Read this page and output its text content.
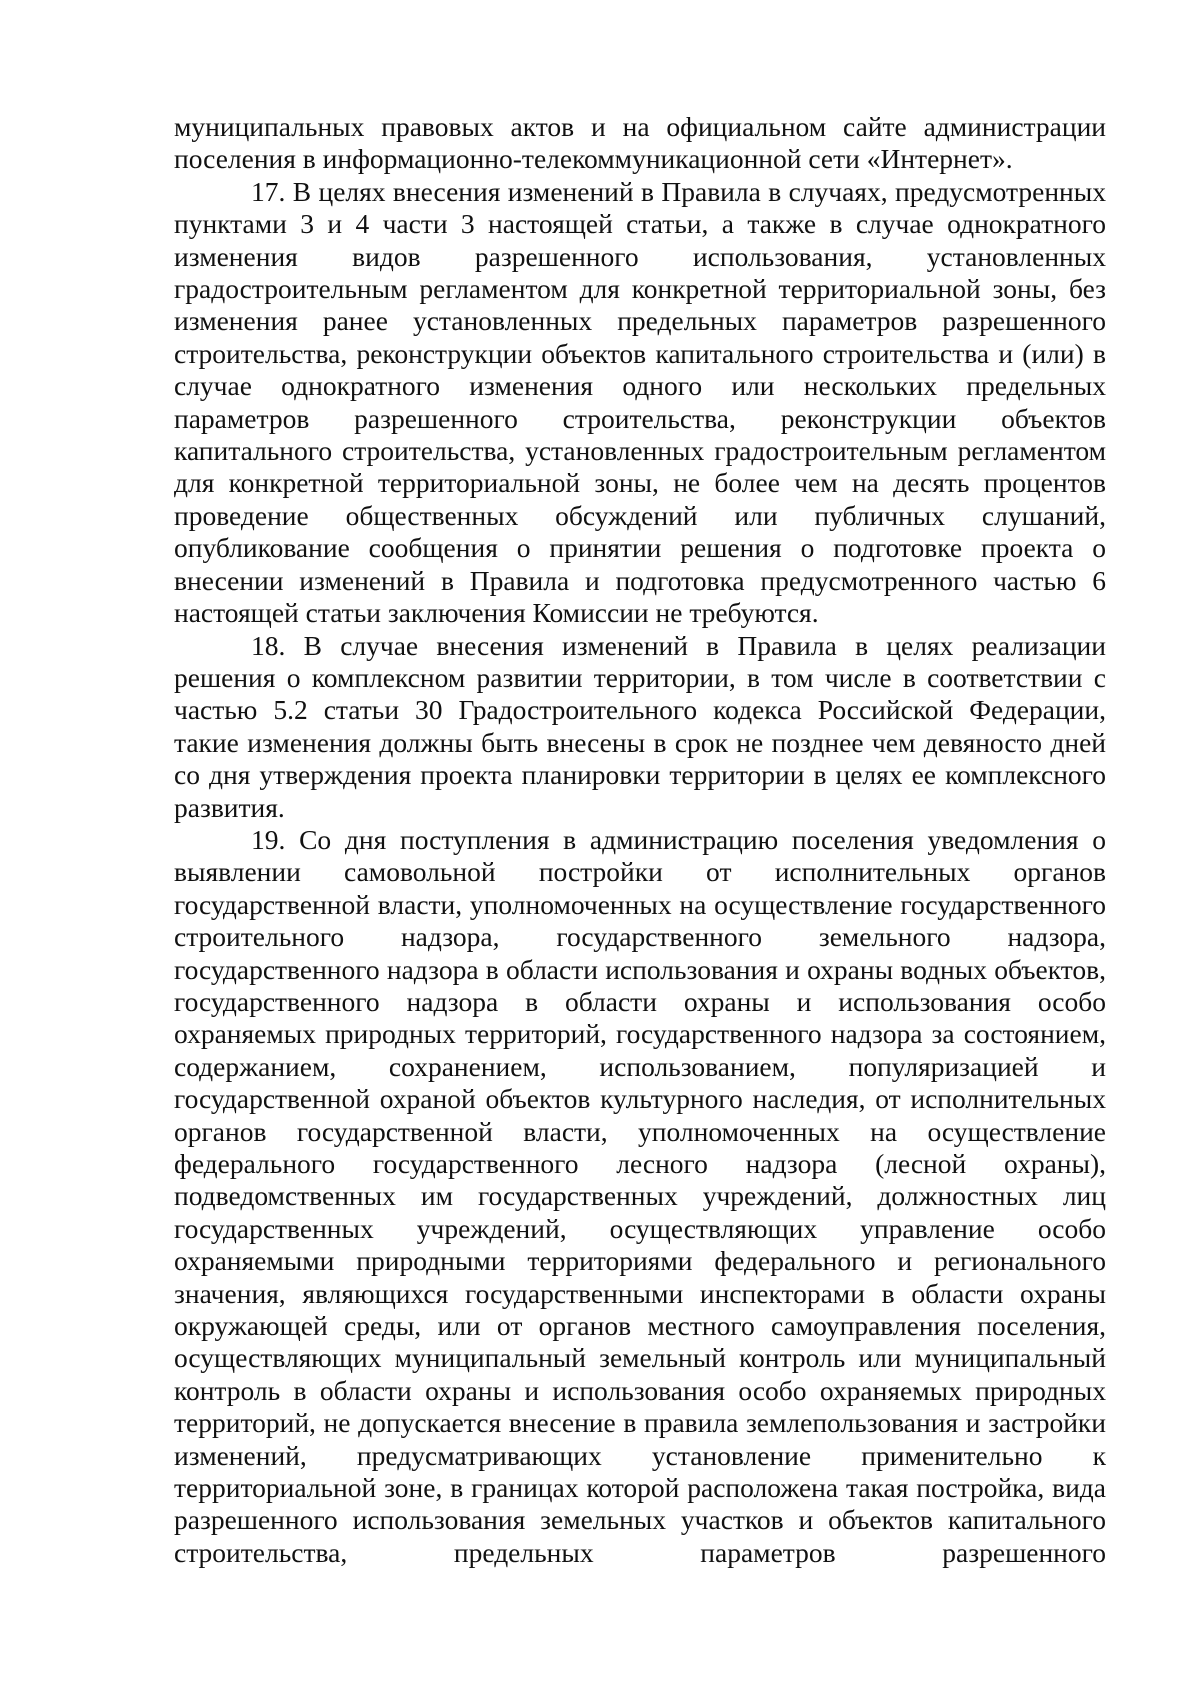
муниципальных правовых актов и на официальном сайте администрации поселения в информационно-телекоммуникационной сети «Интернет».

17. В целях внесения изменений в Правила в случаях, предусмотренных пунктами 3 и 4 части 3 настоящей статьи, а также в случае однократного изменения видов разрешенного использования, установленных градостроительным регламентом для конкретной территориальной зоны, без изменения ранее установленных предельных параметров разрешенного строительства, реконструкции объектов капитального строительства и (или) в случае однократного изменения одного или нескольких предельных параметров разрешенного строительства, реконструкции объектов капитального строительства, установленных градостроительным регламентом для конкретной территориальной зоны, не более чем на десять процентов проведение общественных обсуждений или публичных слушаний, опубликование сообщения о принятии решения о подготовке проекта о внесении изменений в Правила и подготовка предусмотренного частью 6 настоящей статьи заключения Комиссии не требуются.

18. В случае внесения изменений в Правила в целях реализации решения о комплексном развитии территории, в том числе в соответствии с частью 5.2 статьи 30 Градостроительного кодекса Российской Федерации, такие изменения должны быть внесены в срок не позднее чем девяносто дней со дня утверждения проекта планировки территории в целях ее комплексного развития.

19. Со дня поступления в администрацию поселения уведомления о выявлении самовольной постройки от исполнительных органов государственной власти, уполномоченных на осуществление государственного строительного надзора, государственного земельного надзора, государственного надзора в области использования и охраны водных объектов, государственного надзора в области охраны и использования особо охраняемых природных территорий, государственного надзора за состоянием, содержанием, сохранением, использованием, популяризацией и государственной охраной объектов культурного наследия, от исполнительных органов государственной власти, уполномоченных на осуществление федерального государственного лесного надзора (лесной охраны), подведомственных им государственных учреждений, должностных лиц государственных учреждений, осуществляющих управление особо охраняемыми природными территориями федерального и регионального значения, являющихся государственными инспекторами в области охраны окружающей среды, или от органов местного самоуправления поселения, осуществляющих муниципальный земельный контроль или муниципальный контроль в области охраны и использования особо охраняемых природных территорий, не допускается внесение в правила землепользования и застройки изменений, предусматривающих установление применительно к территориальной зоне, в границах которой расположена такая постройка, вида разрешенного использования земельных участков и объектов капитального строительства, предельных параметров разрешенного
